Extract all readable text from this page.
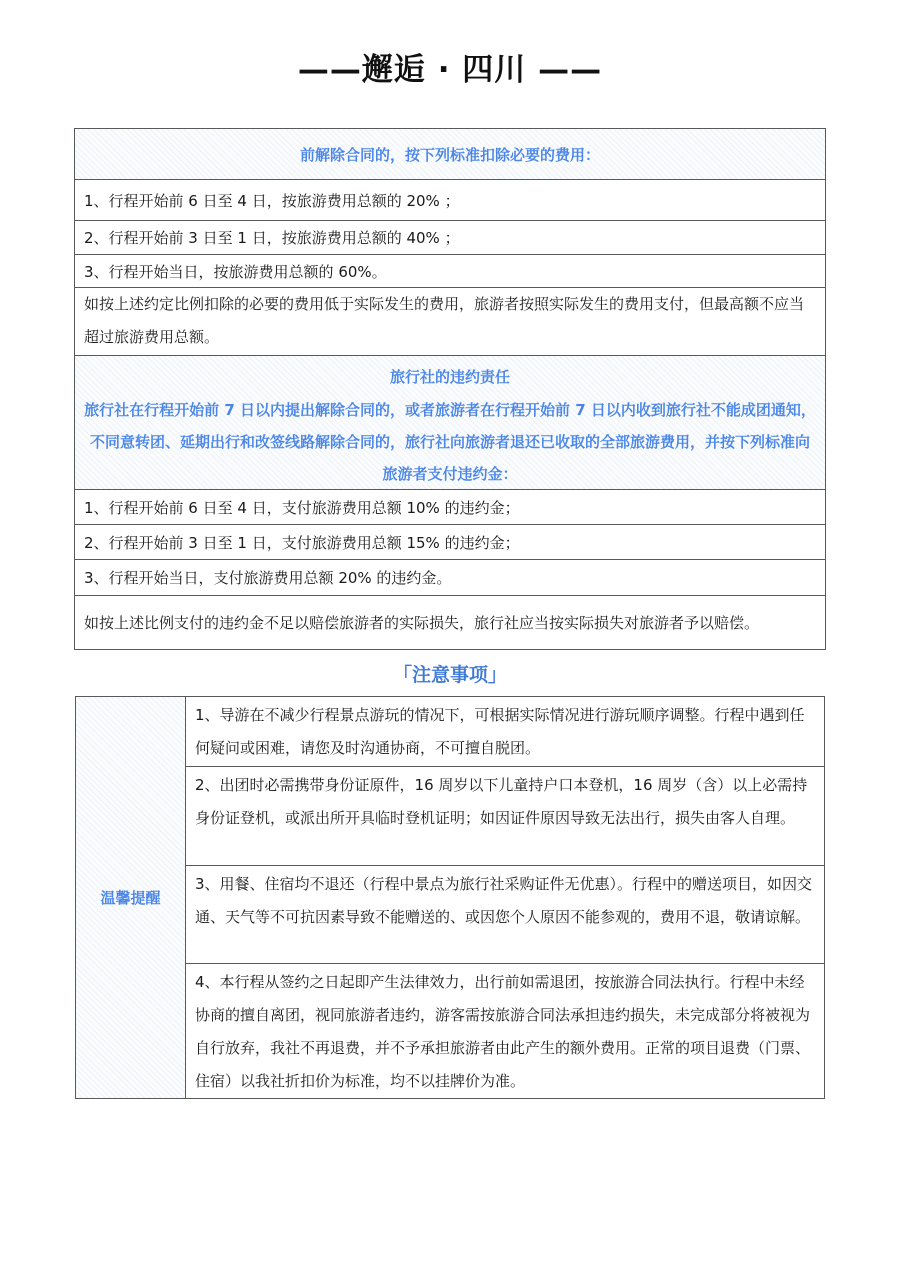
——邂逅 · 四川 ——
前解除合同的，按下列标准扣除必要的费用：
1、行程开始前 6 日至 4 日，按旅游费用总额的 20% ；
2、行程开始前 3 日至 1 日，按旅游费用总额的 40% ；
3、行程开始当日，按旅游费用总额的 60%。
如按上述约定比例扣除的必要的费用低于实际发生的费用，旅游者按照实际发生的费用支付，但最高额不应当超过旅游费用总额。
旅行社的违约责任
旅行社在行程开始前 7 日以内提出解除合同的，或者旅游者在行程开始前 7 日以内收到旅行社不能成团通知，不同意转团、延期出行和改签线路解除合同的，旅行社向旅游者退还已收取的全部旅游费用，并按下列标准向旅游者支付违约金：
1、行程开始前 6 日至 4 日，支付旅游费用总额 10% 的违约金；
2、行程开始前 3 日至 1 日，支付旅游费用总额 15% 的违约金；
3、行程开始当日，支付旅游费用总额 20% 的违约金。
如按上述比例支付的违约金不足以赔偿旅游者的实际损失，旅行社应当按实际损失对旅游者予以赔偿。
「注意事项」
温馨提醒
1、导游在不减少行程景点游玩的情况下，可根据实际情况进行游玩顺序调整。行程中遇到任何疑问或困难，请您及时沟通协商，不可擅自脱团。
2、出团时必需携带身份证原件，16 周岁以下儿童持户口本登机，16 周岁（含）以上必需持身份证登机，或派出所开具临时登机证明；如因证件原因导致无法出行，损失由客人自理。
3、用餐、住宿均不退还（行程中景点为旅行社采购证件无优惠）。行程中的赠送项目，如因交通、天气等不可抗因素导致不能赠送的、或因您个人原因不能参观的，费用不退，敬请谅解。
4、本行程从签约之日起即产生法律效力，出行前如需退团，按旅游合同法执行。行程中未经协商的擅自离团，视同旅游者违约，游客需按旅游合同法承担违约损失，未完成部分将被视为自行放弃，我社不再退费，并不予承担旅游者由此产生的额外费用。正常的项目退费（门票、住宿）以我社折扣价为标准，均不以挂牌价为准。
